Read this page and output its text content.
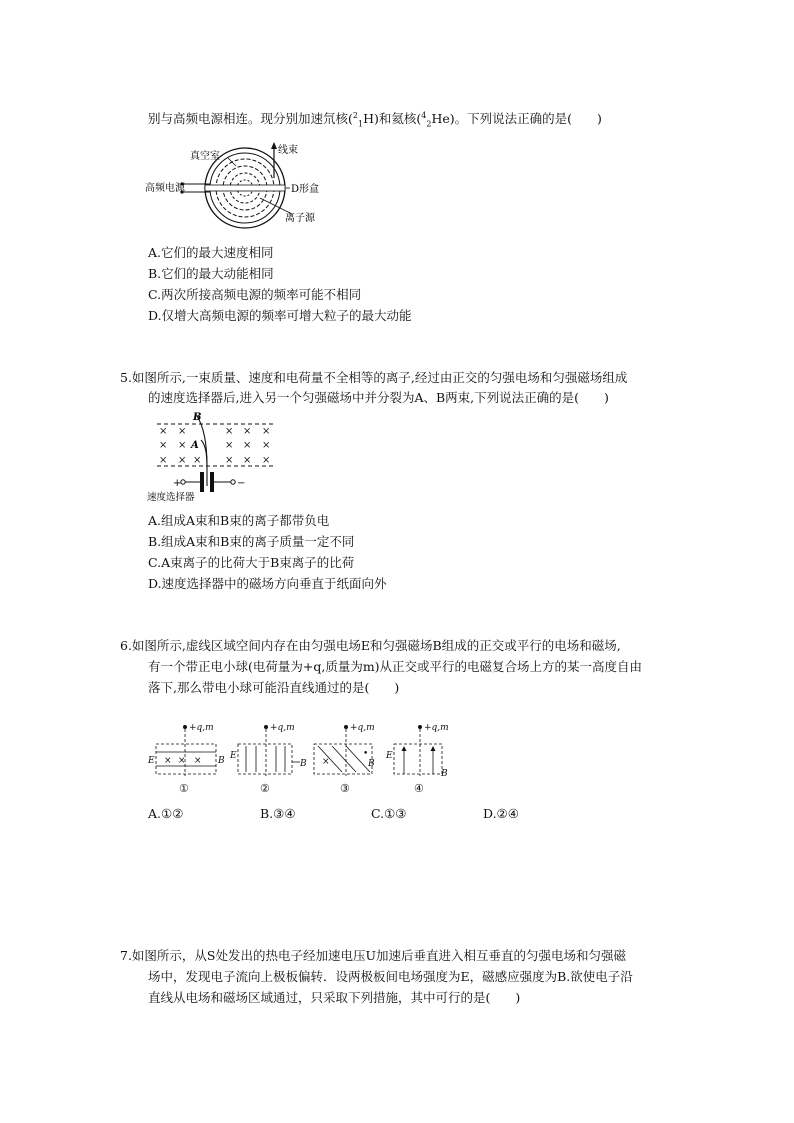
别与高频电源相连。现分别加速氘核($^2_1$H)和氦核($^4_2$He)。下列说法正确的是(　　)
真空室
线束
高频电源	D形盒
离子源
A.它们的最大速度相同
B.它们的最大动能相同
C.两次所接高频电源的频率可能不相同
D.仅增大高频电源的频率可增大粒子的最大动能
5.如图所示,一束质量、速度和电荷量不全相等的离子,经过由正交的匀强电场和匀强磁场组成
的速度选择器后,进入另一个匀强磁场中并分裂为A、B两束,下列说法正确的是(　　)
× ×	× × ×
× ×	× × ×
× × × × × ×
B
A
+	−
速度选择器
A.组成A束和B束的离子都带负电
B.组成A束和B束的离子质量一定不同
C.A束离子的比荷大于B束离子的比荷
D.速度选择器中的磁场方向垂直于纸面向外
6.如图所示,虚线区域空间内存在由匀强电场E和匀强磁场B组成的正交或平行的电场和磁场,
有一个带正电小球(电荷量为+q,质量为m)从正交或平行的电磁复合场上方的某一高度自由
落下,那么带电小球可能沿直线通过的是(　　)
+q,m
× × ×
E	B
①
+q,m
E
B
②
+q,m
×
•
B
③
+q,m
E
B
④
A.①②	B.③④	C.①③	D.②④
7.如图所示，从S处发出的热电子经加速电压U加速后垂直进入相互垂直的匀强电场和匀强磁
场中，发现电子流向上极板偏转．设两极板间电场强度为E，磁感应强度为B.欲使电子沿
直线从电场和磁场区域通过，只采取下列措施，其中可行的是(　　)
